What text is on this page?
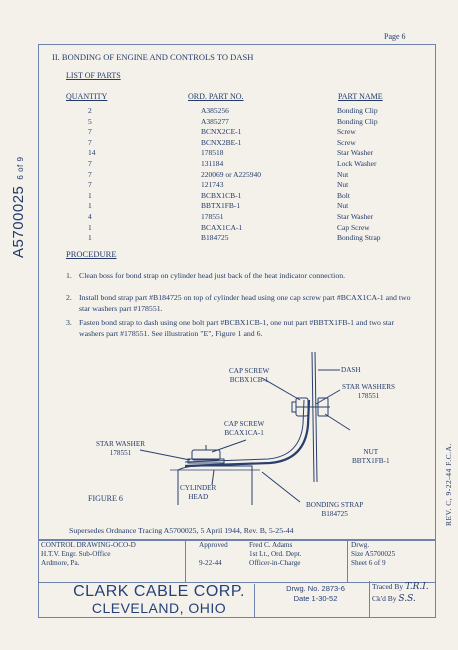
Page 6
II. BONDING OF ENGINE AND CONTROLS TO DASH
LIST OF PARTS
QUANTITY	ORD. PART NO.	PART NAME
2	A385256	Bonding Clip
5	A385277	Bonding Clip
7	BCNX2CE-1	Screw
7	BCNX2BE-1	Screw
14	178518	Star Washer
7	131184	Lock Washer
7	220069 or A225940	Nut
7	121743	Nut
1	BCBX1CB-1	Bolt
1	BBTX1FB-1	Nut
4	178551	Star Washer
1	BCAX1CA-1	Cap Screw
1	B184725	Bonding Strap
PROCEDURE
1. Clean boss for bond strap on cylinder head just back of the heat indicator connection.
2. Install bond strap part #B184725 on top of cylinder head using one cap screw part #BCAX1CA-1 and two star washers part #178551.
3. Fasten bond strap to dash using one bolt part #BCBX1CB-1, one nut part #BBTX1FB-1 and two star washers part #178551. See illustration "E", Figure 1 and 6.
DASH
CAP SCREW
BCBX1CB-1
STAR WASHERS
178551
CAP SCREW
BCAX1CA-1
STAR WASHER
178551	NUT
BBTX1FB-1
CYLINDER
HEAD
BONDING STRAP
B184725
FIGURE 6
Supersedes Ordnance Tracing A5700025, 5 April 1944, Rev. B, 5-25-44
A57000256 of 9
REV. C, 9-22-44 F.C.A.
CONTROL DRAWING-OCO-D
H.T.V. Engr. Sub-Office
Ardmore, Pa.
Approved

9-22-44
Fred C. Adams
1st Lt., Ord. Dept.
Officer-in-Charge
Drwg.
Size A5700025
Sheet 6 of 9
CLARK CABLE CORP.
CLEVELAND, OHIO
Drwg. No. 2873-6
Date 1-30-52
Traced By T.R.I.
Ck'd By S.S.
